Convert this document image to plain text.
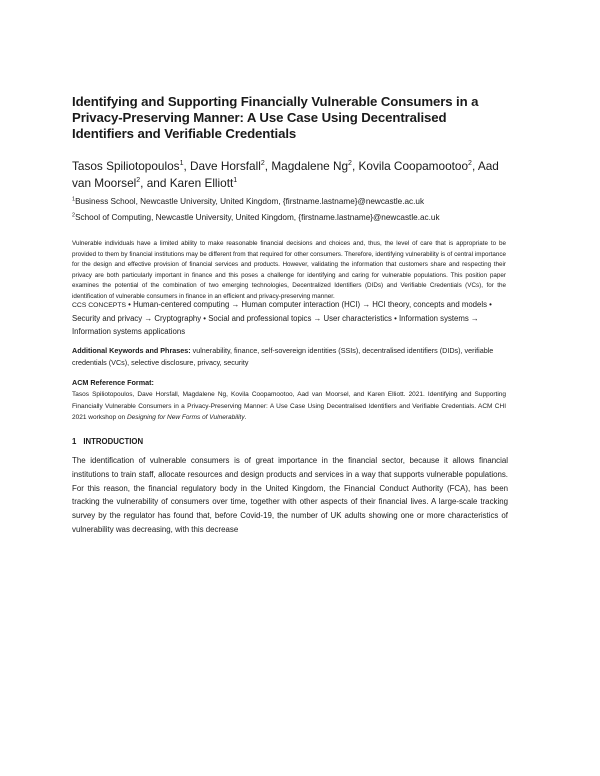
Identifying and Supporting Financially Vulnerable Consumers in a Privacy-Preserving Manner: A Use Case Using Decentralised Identifiers and Verifiable Credentials
Tasos Spiliotopoulos$^1$, Dave Horsfall$^2$, Magdalene Ng$^2$, Kovila Coopamootoo$^2$, Aad van Moorsel$^2$, and Karen Elliott$^1$
$^1$Business School, Newcastle University, United Kingdom, {firstname.lastname}@newcastle.ac.uk
$^2$School of Computing, Newcastle University, United Kingdom, {firstname.lastname}@newcastle.ac.uk
Vulnerable individuals have a limited ability to make reasonable financial decisions and choices and, thus, the level of care that is appropriate to be provided to them by financial institutions may be different from that required for other consumers. Therefore, identifying vulnerability is of central importance for the design and effective provision of financial services and products. However, validating the information that customers share and respecting their privacy are both particularly important in finance and this poses a challenge for identifying and caring for vulnerable populations. This position paper examines the potential of the combination of two emerging technologies, Decentralized Identifiers (DIDs) and Verifiable Credentials (VCs), for the identification of vulnerable consumers in finance in an efficient and privacy-preserving manner.
CCS CONCEPTS • Human-centered computing → Human computer interaction (HCI) → HCI theory, concepts and models • Security and privacy → Cryptography • Social and professional topics → User characteristics • Information systems → Information systems applications
Additional Keywords and Phrases: vulnerability, finance, self-sovereign identities (SSIs), decentralised identifiers (DIDs), verifiable credentials (VCs), selective disclosure, privacy, security
ACM Reference Format:
Tasos Spiliotopoulos, Dave Horsfall, Magdalene Ng, Kovila Coopamootoo, Aad van Moorsel, and Karen Elliott. 2021. Identifying and Supporting Financially Vulnerable Consumers in a Privacy-Preserving Manner: A Use Case Using Decentralised Identifiers and Verifiable Credentials. ACM CHI 2021 workshop on Designing for New Forms of Vulnerability.
1 INTRODUCTION
The identification of vulnerable consumers is of great importance in the financial sector, because it allows financial institutions to train staff, allocate resources and design products and services in a way that supports vulnerable populations. For this reason, the financial regulatory body in the United Kingdom, the Financial Conduct Authority (FCA), has been tracking the vulnerability of consumers over time, together with other aspects of their financial lives. A large-scale tracking survey by the regulator has found that, before Covid-19, the number of UK adults showing one or more characteristics of vulnerability was decreasing, with this decrease
